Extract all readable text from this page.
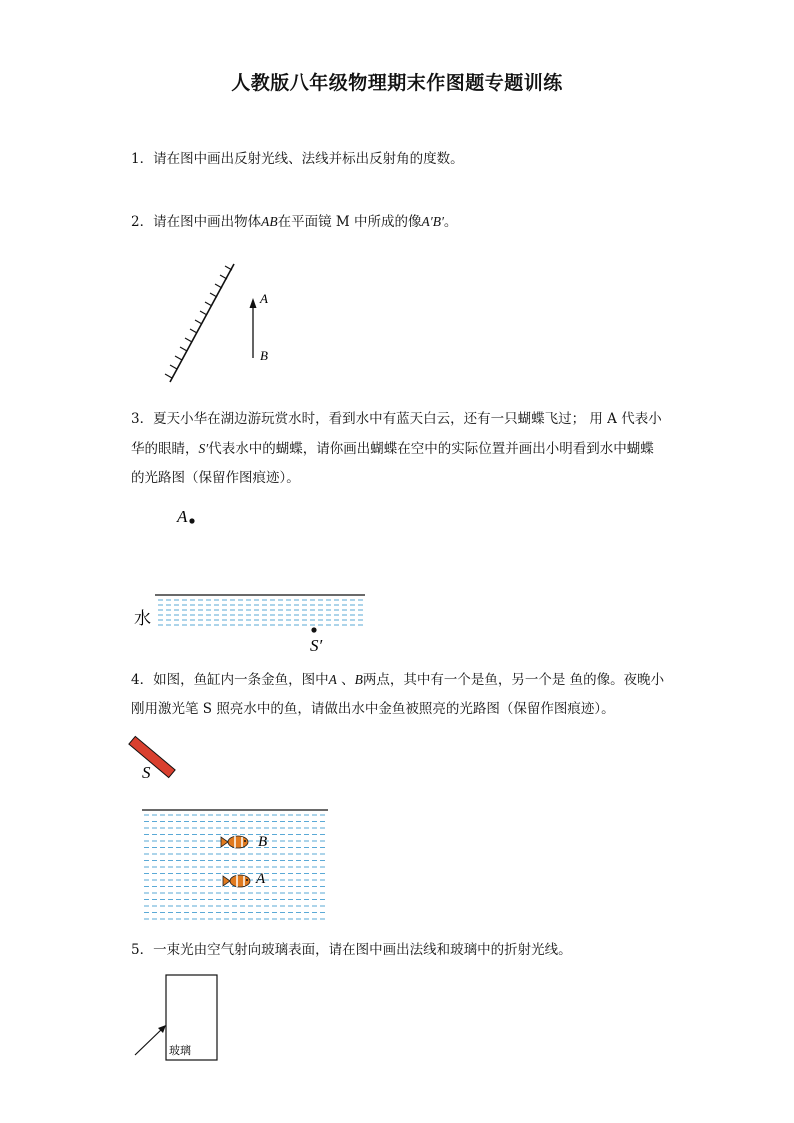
人教版八年级物理期末作图题专题训练
1．请在图中画出反射光线、法线并标出反射角的度数。
2．请在图中画出物体AB在平面镜 M 中所成的像A′B′。
A
B
3．夏天小华在湖边游玩赏水时，看到水中有蓝天白云，还有一只蝴蝶飞过； 用 A 代表小华的眼睛，S′代表水中的蝴蝶，请你画出蝴蝶在空中的实际位置并画出小明看到水中蝴蝶的光路图（保留作图痕迹）。
A
水
S′
4．如图，鱼缸内一条金鱼，图中A 、B两点，其中有一个是鱼，另一个是 鱼的像。夜晚小刚用激光笔 S 照亮水中的鱼，请做出水中金鱼被照亮的光路图（保留作图痕迹）。
S
B
A
5．一束光由空气射向玻璃表面，请在图中画出法线和玻璃中的折射光线。
玻璃
